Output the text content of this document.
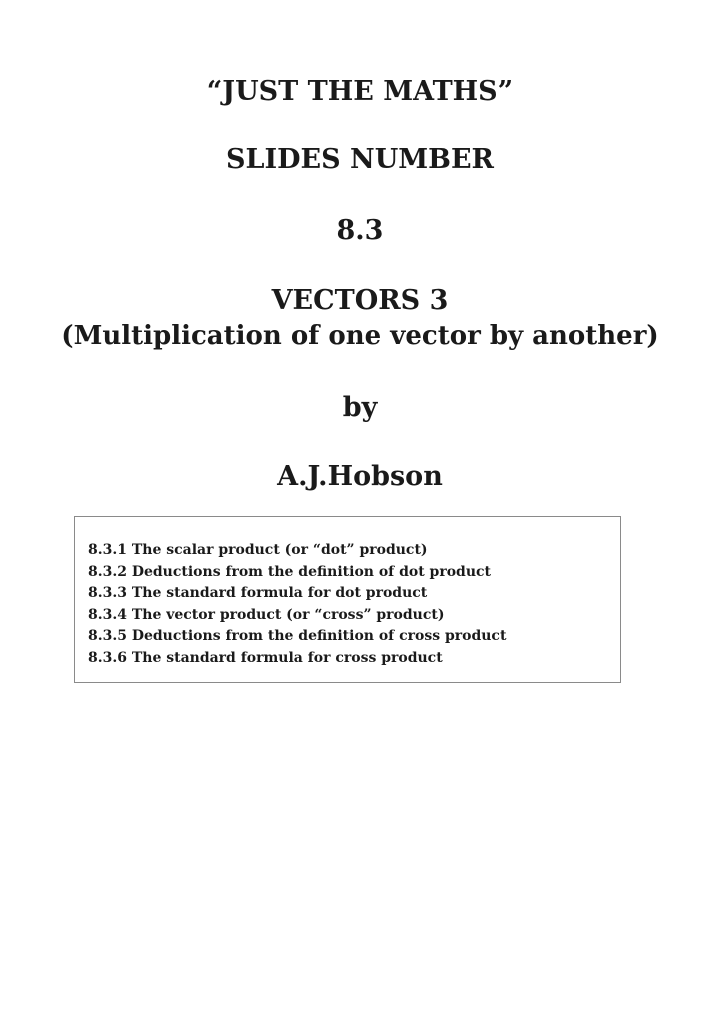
“JUST THE MATHS”
SLIDES NUMBER
8.3
VECTORS 3
(Multiplication of one vector by another)
by
A.J.Hobson
8.3.1 The scalar product (or “dot” product)
8.3.2 Deductions from the definition of dot product
8.3.3 The standard formula for dot product
8.3.4 The vector product (or “cross” product)
8.3.5 Deductions from the definition of cross product
8.3.6 The standard formula for cross product
